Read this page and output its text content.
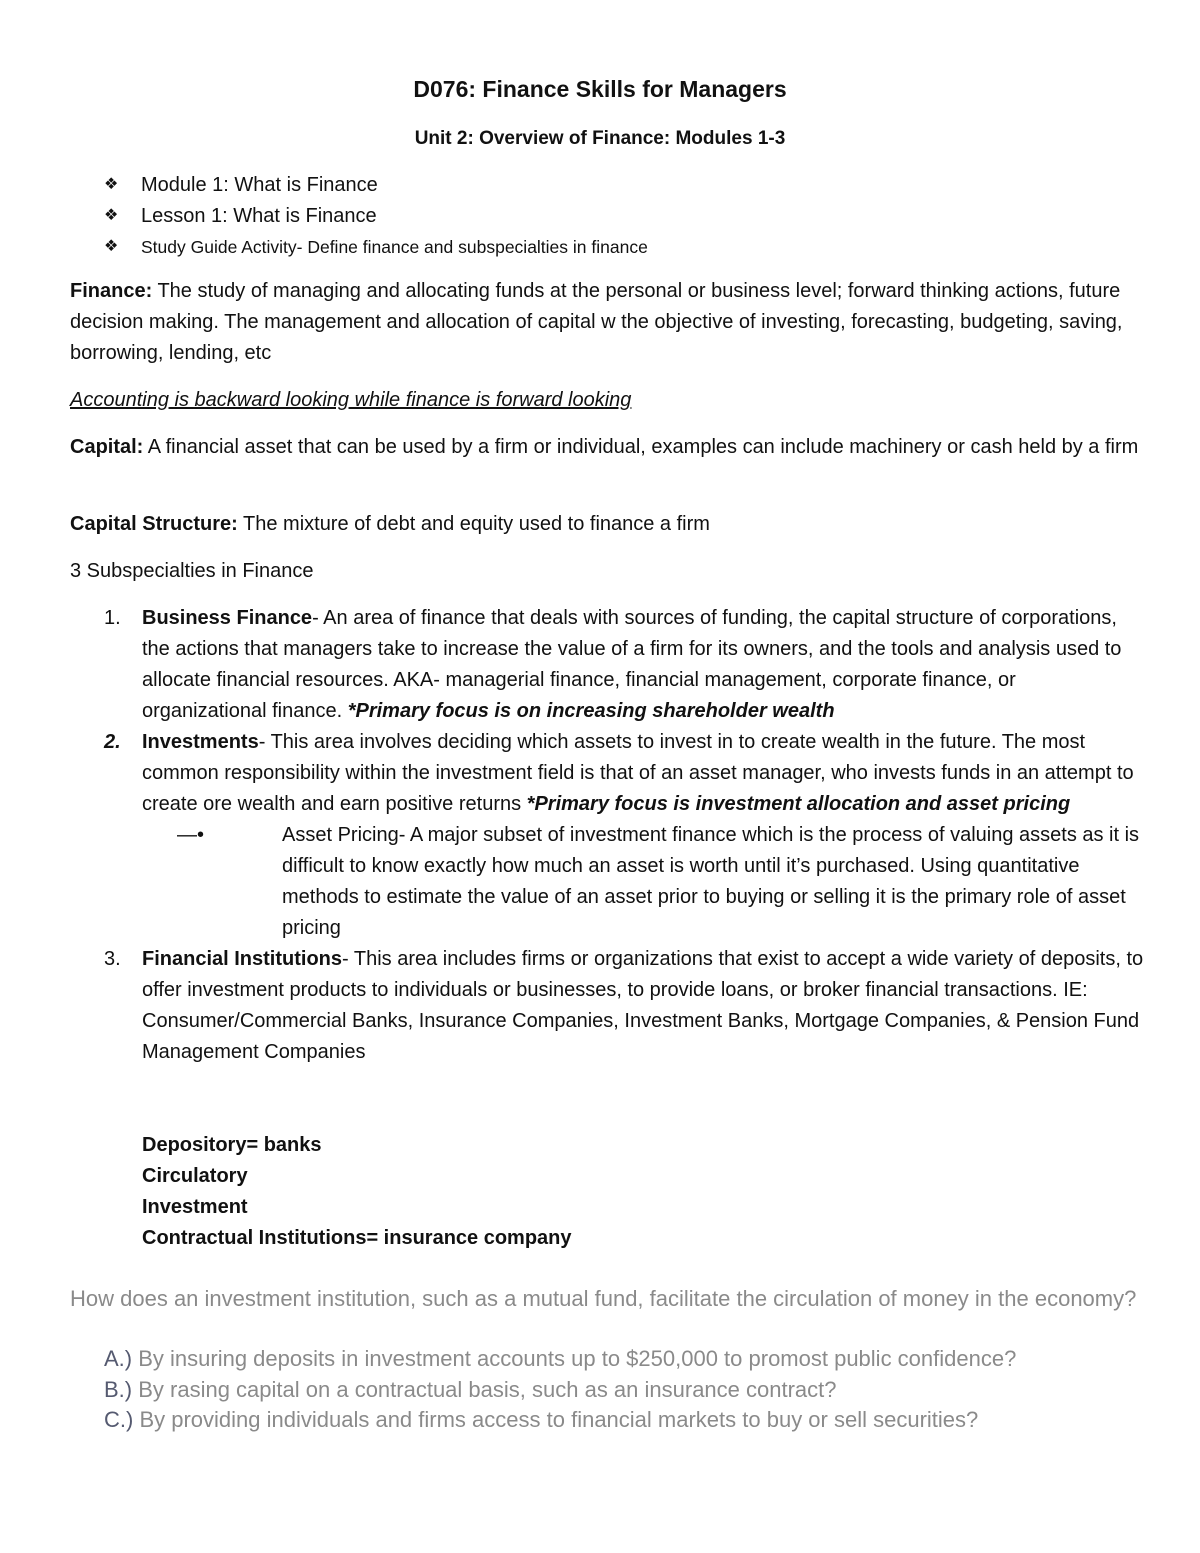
D076: Finance Skills for Managers
Unit 2: Overview of Finance: Modules 1-3
❖ Module 1: What is Finance
❖ Lesson 1: What is Finance
❖ Study Guide Activity- Define finance and subspecialties in finance

Finance: The study of managing and allocating funds at the personal or business level; forward thinking actions, future decision making. The management and allocation of capital w the objective of investing, forecasting, budgeting, saving, borrowing, lending, etc

Accounting is backward looking while finance is forward looking

Capital: A financial asset that can be used by a firm or individual, examples can include machinery or cash held by a firm

Capital Structure: The mixture of debt and equity used to finance a firm

3 Subspecialties in Finance

1. Business Finance- An area of finance that deals with sources of funding, the capital structure of corporations, the actions that managers take to increase the value of a firm for its owners, and the tools and analysis used to allocate financial resources. AKA- managerial finance, financial management, corporate finance, or organizational finance. *Primary focus is on increasing shareholder wealth
2. Investments- This area involves deciding which assets to invest in to create wealth in the future. The most common responsibility within the investment field is that of an asset manager, who invests funds in an attempt to create ore wealth and earn positive returns *Primary focus is investment allocation and asset pricing
—•	Asset Pricing- A major subset of investment finance which is the process of valuing assets as it is difficult to know exactly how much an asset is worth until it’s purchased. Using quantitative methods to estimate the value of an asset prior to buying or selling it is the primary role of asset pricing
3. Financial Institutions- This area includes firms or organizations that exist to accept a wide variety of deposits, to offer investment products to individuals or businesses, to provide loans, or broker financial transactions. IE: Consumer/Commercial Banks, Insurance Companies, Investment Banks, Mortgage Companies, & Pension Fund Management Companies
Depository= banks
Circulatory
Investment
Contractual Institutions= insurance company
How does an investment institution, such as a mutual fund, facilitate the circulation of money in the economy?
A.) By insuring deposits in investment accounts up to $250,000 to promost public confidence?
B.) By rasing capital on a contractual basis, such as an insurance contract?
C.) By providing individuals and firms access to financial markets to buy or sell securities?
